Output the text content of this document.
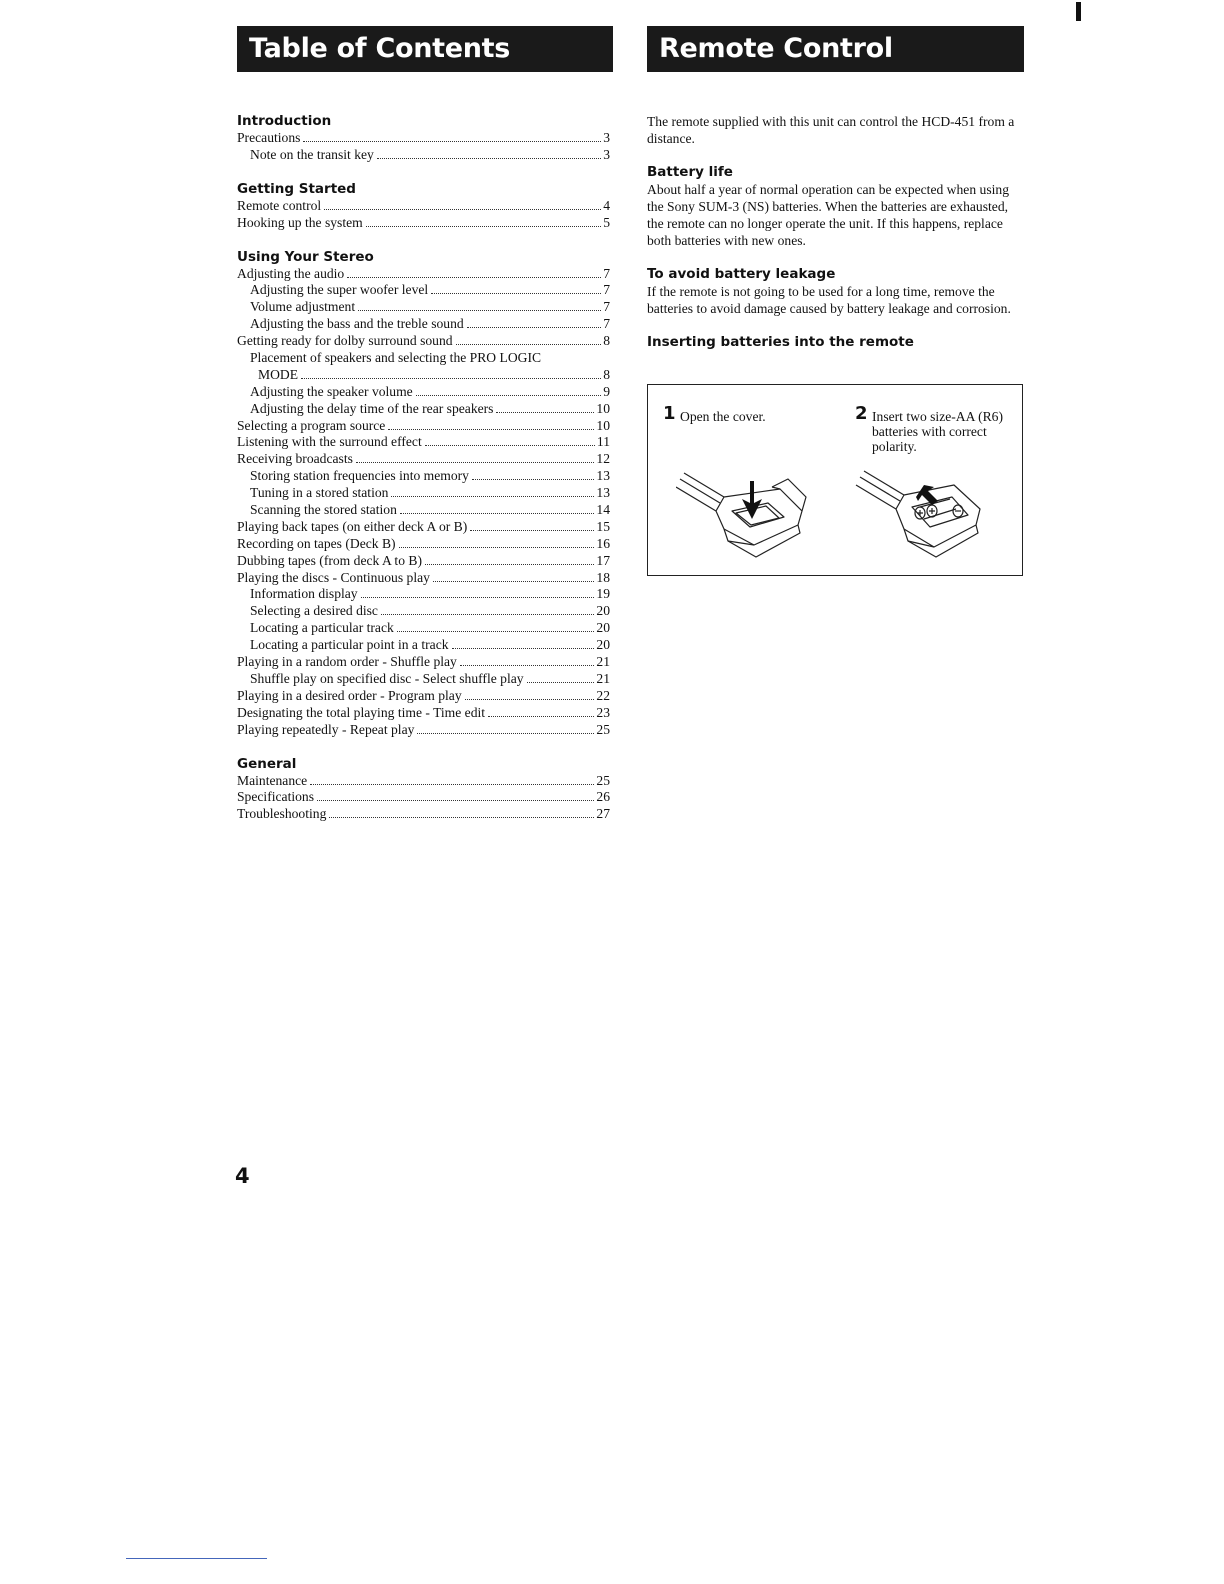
Table of Contents	Remote Control
Introduction
Precautions	3
Note on the transit key	3
Getting Started
Remote control	4
Hooking up the system	5
Using Your Stereo
Adjusting the audio	7
Adjusting the super woofer level	7
Volume adjustment	7
Adjusting the bass and the treble sound	7
Getting ready for dolby surround sound	8
Placement of speakers and selecting the PRO LOGIC
MODE	8
Adjusting the speaker volume	9
Adjusting the delay time of the rear speakers	10
Selecting a program source	10
Listening with the surround effect	11
Receiving broadcasts	12
Storing station frequencies into memory	13
Tuning in a stored station	13
Scanning the stored station	14
Playing back tapes (on either deck A or B)	15
Recording on tapes (Deck B)	16
Dubbing tapes (from deck A to B)	17
Playing the discs - Continuous play	18
Information display	19
Selecting a desired disc	20
Locating a particular track	20
Locating a particular point in a track	20
Playing in a random order - Shuffle play	21
Shuffle play on specified disc - Select shuffle play	21
Playing in a desired order - Program play	22
Designating the total playing time - Time edit	23
Playing repeatedly - Repeat play	25
General
Maintenance	25
Specifications	26
Troubleshooting	27

The remote supplied with this unit can control the HCD-451 from a distance.

Battery life

About half a year of normal operation can be expected when using the Sony SUM-3 (NS) batteries. When the batteries are exhausted, the remote can no longer operate the unit. If this happens, replace both batteries with new ones.

To avoid battery leakage

If the remote is not going to be used for a long time, remove the batteries to avoid damage caused by battery leakage and corrosion.

Inserting batteries into the remote
1 Open the cover.	2 Insert two size-AA (R6) batteries with correct polarity.
4
